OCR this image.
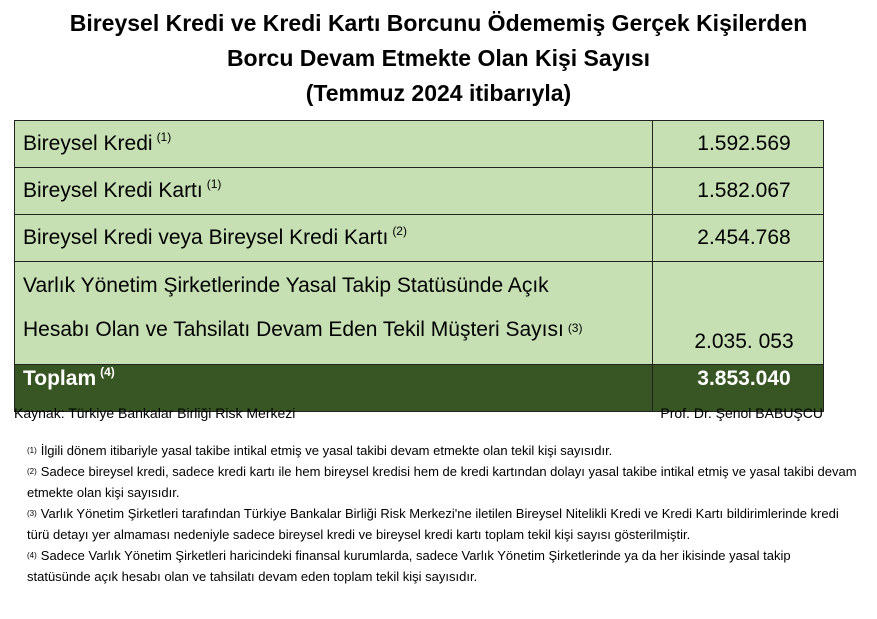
Bireysel Kredi ve Kredi Kartı Borcunu Ödememiş Gerçek Kişilerden
Borcu Devam Etmekte Olan Kişi Sayısı
(Temmuz 2024 itibarıyla)
Bireysel Kredi $^{(1)}$	1.592.569
Bireysel Kredi Kartı $^{(1)}$	1.582.067
Bireysel Kredi veya Bireysel Kredi Kartı $^{(2)}$	2.454.768

Varlık Yönetim Şirketlerinde Yasal Takip Statüsünde Açık
Hesabı Olan ve Tahsilatı Devam Eden Tekil Müşteri Sayısı $^{(3)}$	2.035. 053
Toplam $^{(4)}$	3.853.040
Kaynak: Türkiye Bankalar Birliği Risk Merkezi	Prof. Dr. Şenol BABUŞCU

$^{(1)}$ İlgili dönem itibariyle yasal takibe intikal etmiş ve yasal takibi devam etmekte olan tekil kişi sayısıdır.

$^{(2)}$ Sadece bireysel kredi, sadece kredi kartı ile hem bireysel kredisi hem de kredi kartından dolayı yasal takibe intikal etmiş ve yasal takibi devam etmekte olan kişi sayısıdır.

$^{(3)}$ Varlık Yönetim Şirketleri tarafından Türkiye Bankalar Birliği Risk Merkezi'ne iletilen Bireysel Nitelikli Kredi ve Kredi Kartı bildirimlerinde kredi türü detayı yer almaması nedeniyle sadece bireysel kredi ve bireysel kredi kartı toplam tekil kişi sayısı gösterilmiştir.

$^{(4)}$ Sadece Varlık Yönetim Şirketleri haricindeki finansal kurumlarda, sadece Varlık Yönetim Şirketlerinde ya da her ikisinde yasal takip statüsünde açık hesabı olan ve tahsilatı devam eden toplam tekil kişi sayısıdır.
